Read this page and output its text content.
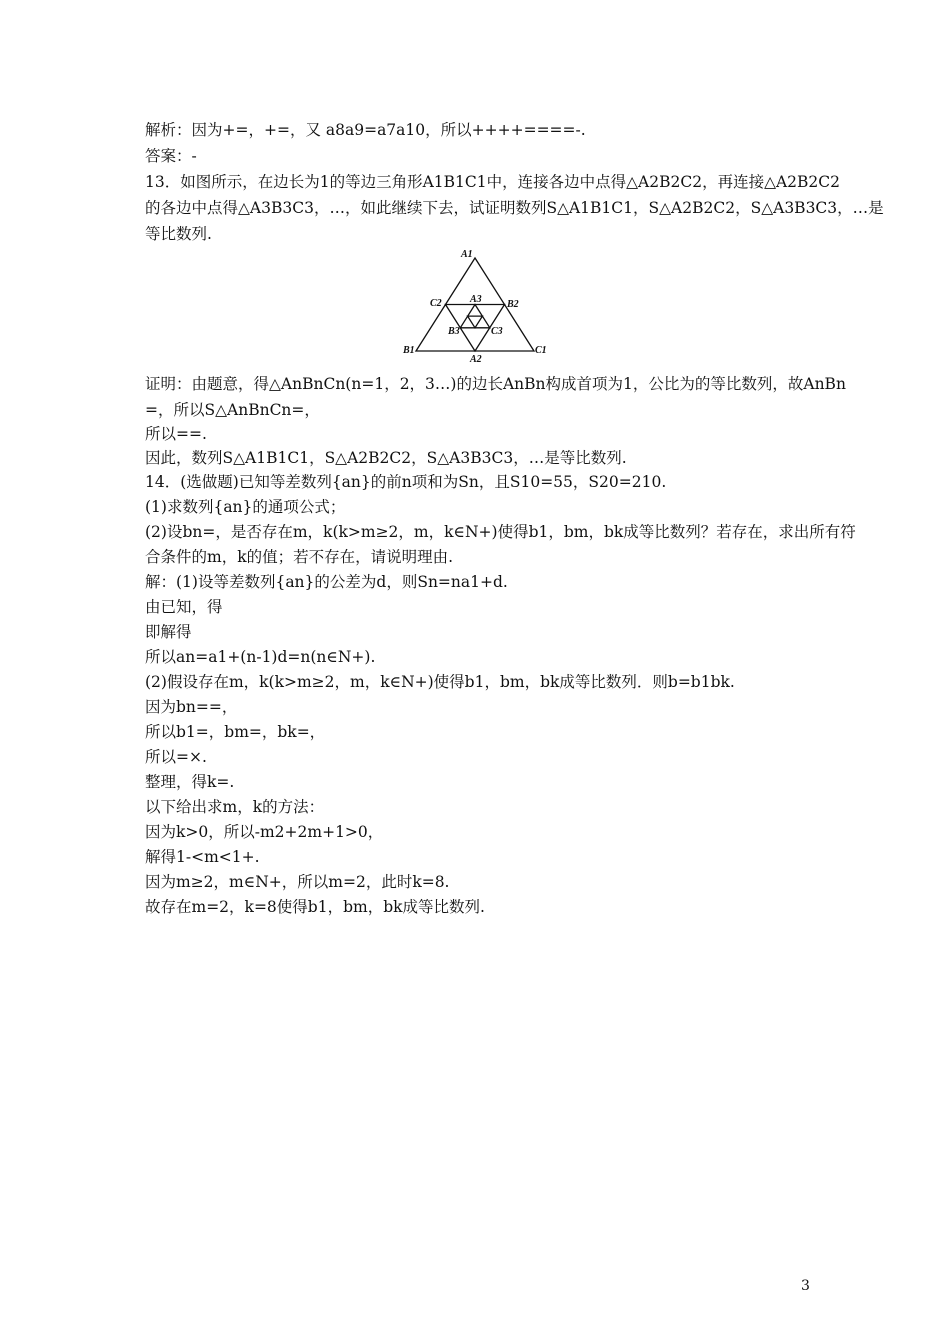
解析：因为+=，+=，又 a8a9=a7a10，所以++++====-.
答案：-
13．如图所示，在边长为1的等边三角形A1B1C1中，连接各边中点得△A2B2C2，再连接△A2B2C2
的各边中点得△A3B3C3，…，如此继续下去，试证明数列S△A1B1C1，S△A2B2C2，S△A3B3C3，…是
等比数列.
A1
B2
C2	A3
B3	C3
B1
A2
C1
证明：由题意，得△AnBnCn(n=1，2，3…)的边长AnBn构成首项为1，公比为的等比数列，故AnBn
=，所以S△AnBnCn=，
所以==.
因此，数列S△A1B1C1，S△A2B2C2，S△A3B3C3，…是等比数列.
14．(选做题)已知等差数列{an}的前n项和为Sn，且S10=55，S20=210.
(1)求数列{an}的通项公式；
(2)设bn=，是否存在m，k(k>m≥2，m，k∈N+)使得b1，bm，bk成等比数列？若存在，求出所有符
合条件的m，k的值；若不存在，请说明理由.
解：(1)设等差数列{an}的公差为d，则Sn=na1+d.
由已知，得
即解得
所以an=a1+(n-1)d=n(n∈N+).
(2)假设存在m，k(k>m≥2，m，k∈N+)使得b1，bm，bk成等比数列．则b=b1bk.
因为bn==，
所以b1=，bm=，bk=，
所以=×.
整理，得k=.
以下给出求m，k的方法：
因为k>0，所以-m2+2m+1>0，
解得1-<m<1+.
因为m≥2，m∈N+，所以m=2，此时k=8.
故存在m=2，k=8使得b1，bm，bk成等比数列.
3
